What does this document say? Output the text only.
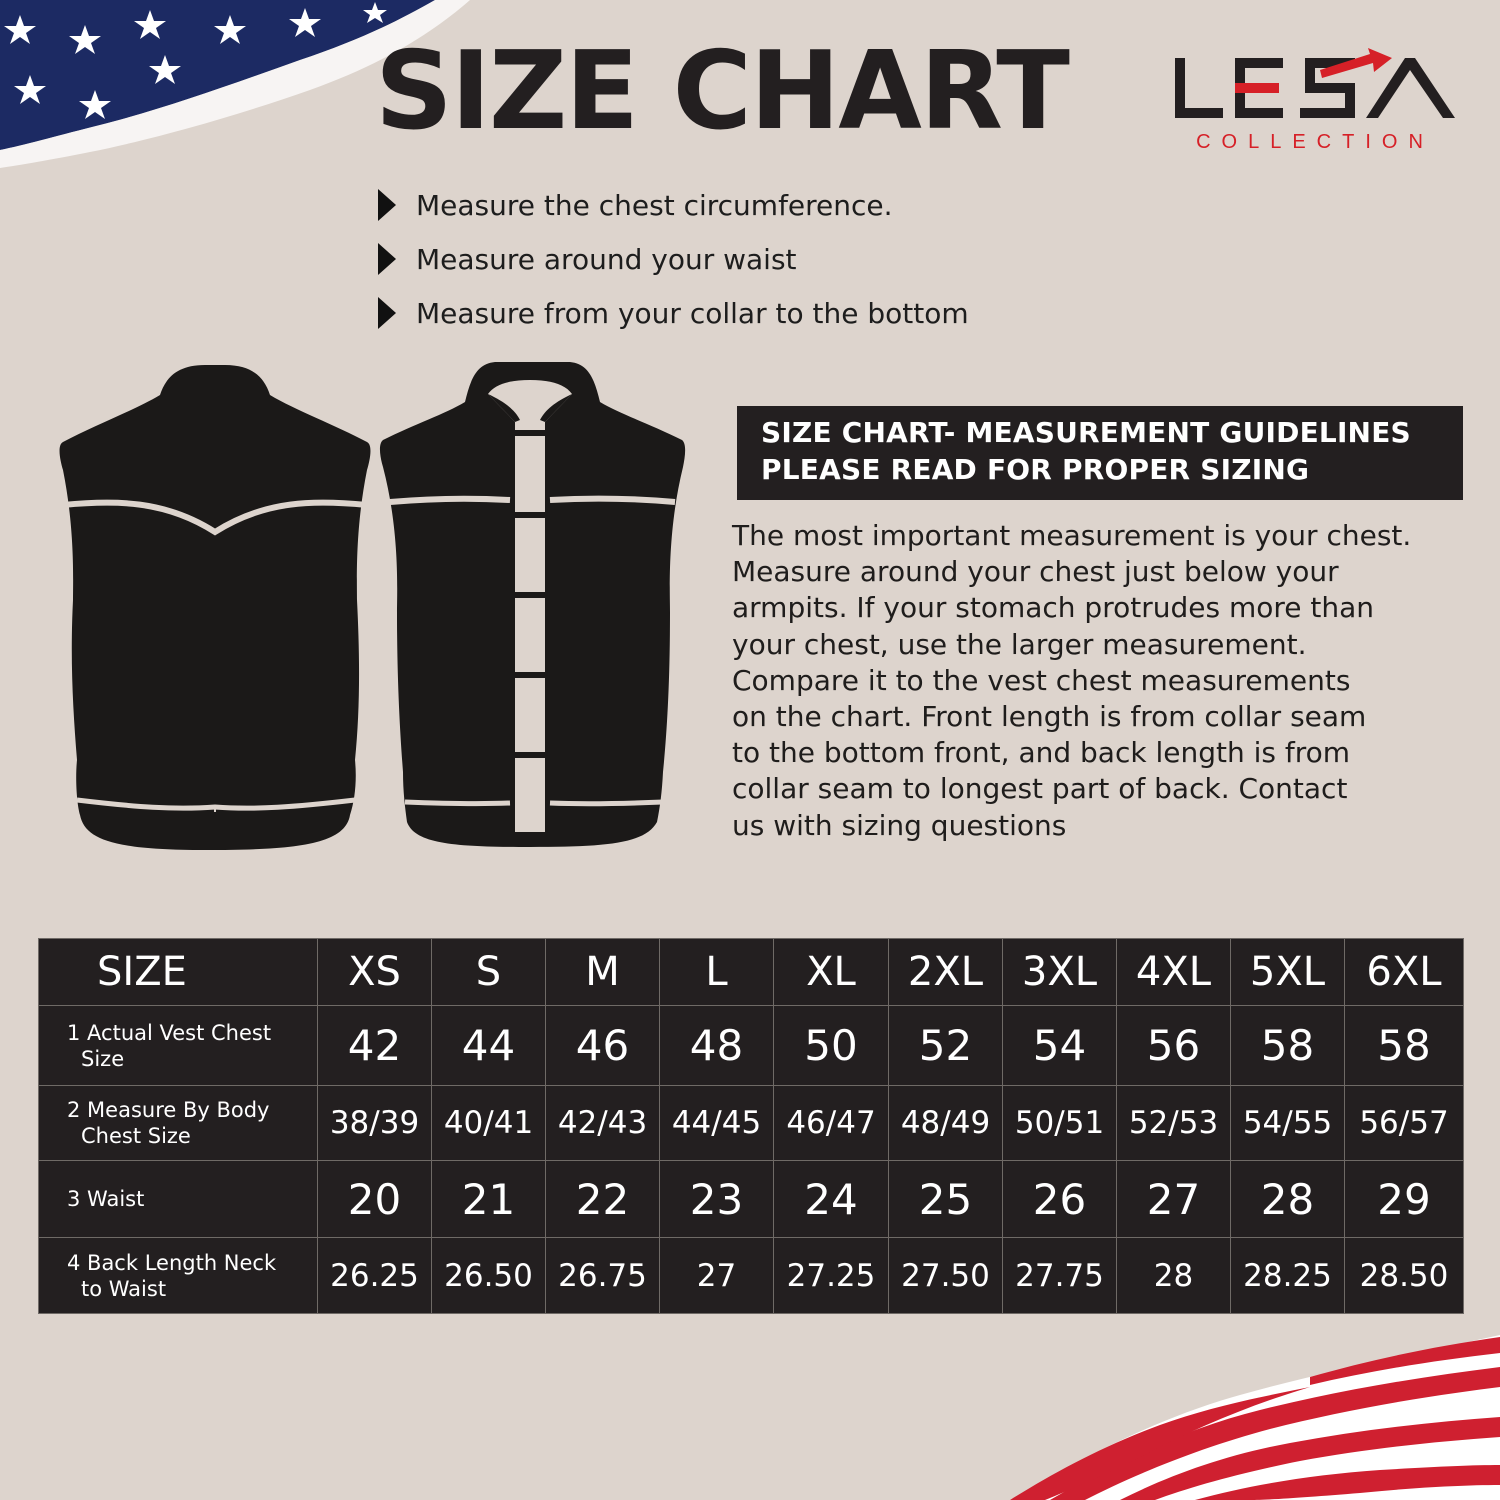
SIZE CHART	COLLECTION
Measure the chest circumference.
Measure around your waist
Measure from your collar to the bottom
SIZE CHART- MEASUREMENT GUIDELINES
PLEASE READ FOR PROPER SIZING

The most important measurement is your chest.
Measure around your chest just below your
armpits. If your stomach protrudes more than
your chest, use the larger measurement.
Compare it to the vest chest measurements
on the chart. Front length is from collar seam
to the bottom front, and back length is from
collar seam to longest part of back. Contact
us with sizing questions

SIZE	XS	S	M	L	XL	2XL	3XL	4XL	5XL	6XL

1 Actual Vest Chest
Size	42	44	46	48	50	52	54	56	58	58

2 Measure By Body
Chest Size	38/39	40/41	42/43	44/45	46/47	48/49	50/51	52/53	54/55	56/57

3 Waist	20	21	22	23	24	25	26	27	28	29

4 Back Length Neck
to Waist	26.25	26.50	26.75	27	27.25	27.50	27.75	28	28.25	28.50
